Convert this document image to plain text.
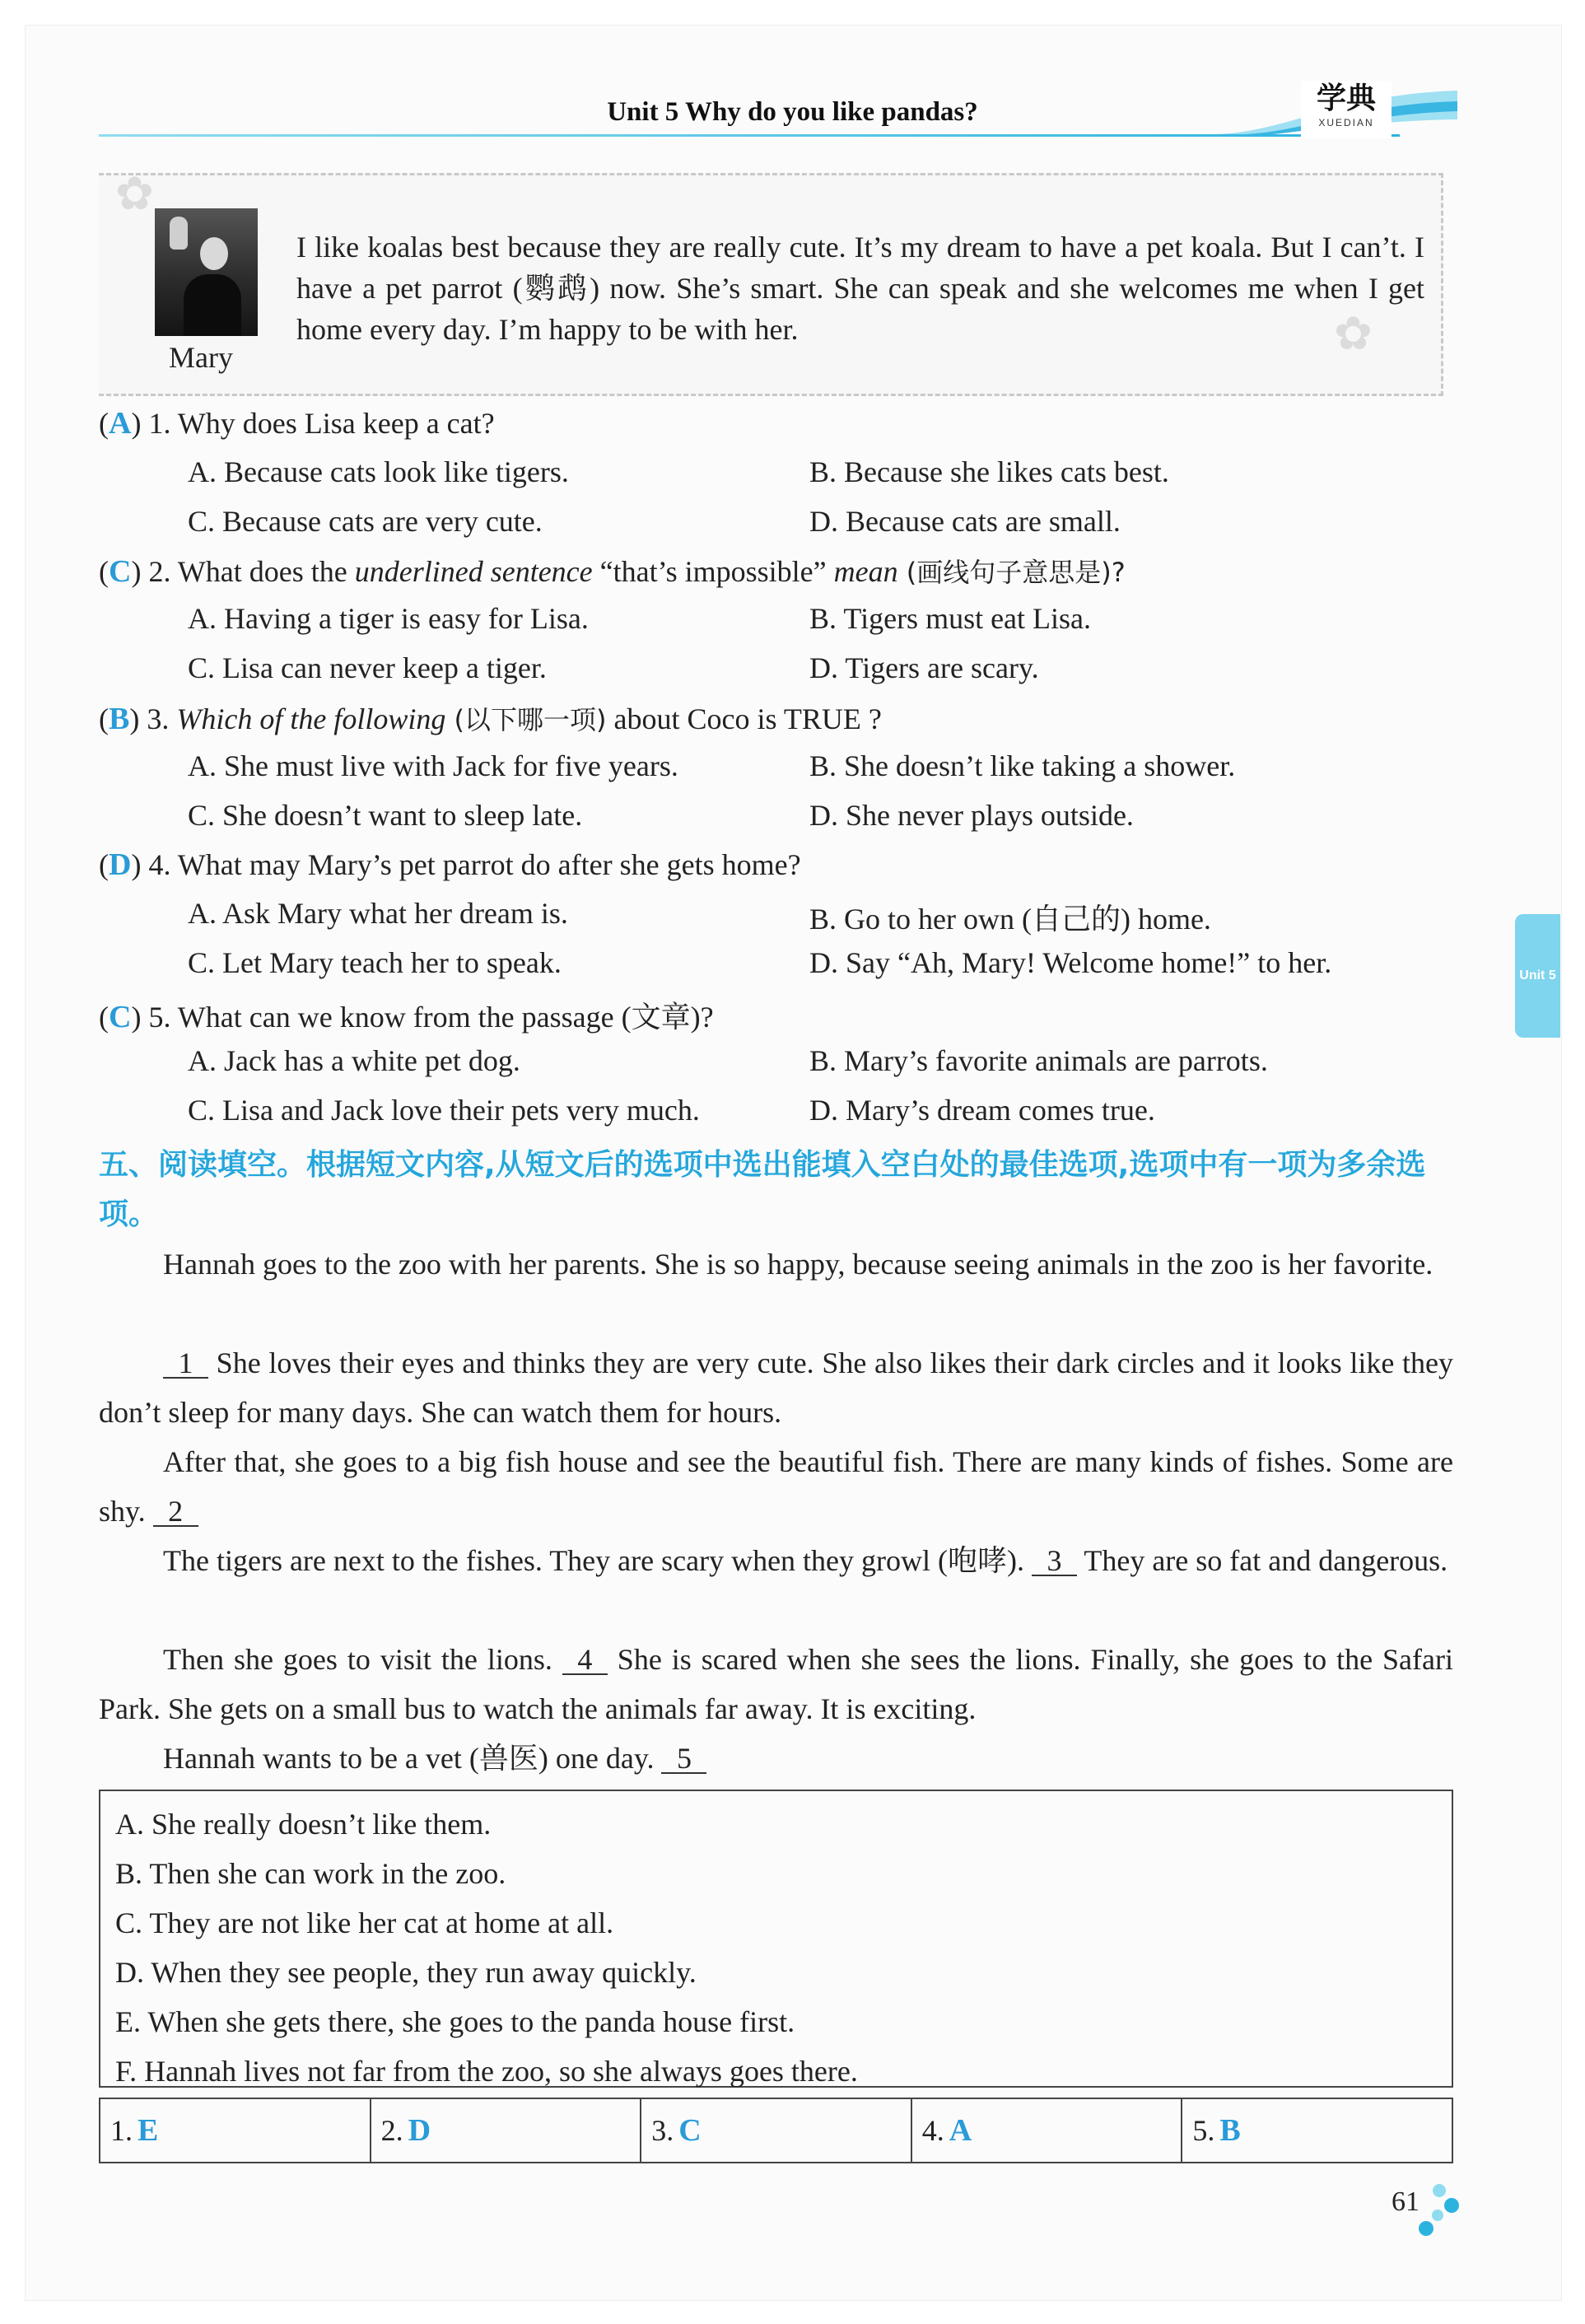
Unit 5 Why do you like pandas?	学典
XUEDIAN
Unit 5
Mary
I like koalas best because they are really cute. It’s my dream to have a pet koala. But I can’t. I have a pet parrot (鹦鹉) now. She’s smart. She can speak and she welcomes me when I get home every day. I’m happy to be with her.
✿
✿
(A) 1. Why does Lisa keep a cat?
A. Because cats look like tigers.	B. Because she likes cats best.
C. Because cats are very cute.	D. Because cats are small.
(C) 2. What does the underlined sentence “that’s impossible” mean (画线句子意思是)?
A. Having a tiger is easy for Lisa.	B. Tigers must eat Lisa.
C. Lisa can never keep a tiger.	D. Tigers are scary.
(B) 3. Which of the following (以下哪一项) about Coco is TRUE ?
A. She must live with Jack for five years.	B. She doesn’t like taking a shower.
C. She doesn’t want to sleep late.	D. She never plays outside.
(D) 4. What may Mary’s pet parrot do after she gets home?
A. Ask Mary what her dream is.	B. Go to her own (自己的) home.
C. Let Mary teach her to speak.	D. Say “Ah, Mary! Welcome home!” to her.
(C) 5. What can we know from the passage (文章)?
A. Jack has a white pet dog.	B. Mary’s favorite animals are parrots.
C. Lisa and Jack love their pets very much.	D. Mary’s dream comes true.
五、阅读填空。根据短文内容,从短文后的选项中选出能填入空白处的最佳选项,选项中有一项为多余选项。
Hannah goes to the zoo with her parents. She is so happy, because seeing animals in the zoo is her favorite.
1 She loves their eyes and thinks they are very cute. She also likes their dark circles and it looks like they don’t sleep for many days. She can watch them for hours.
After that, she goes to a big fish house and see the beautiful fish. There are many kinds of fishes. Some are shy. 2
The tigers are next to the fishes. They are scary when they growl (咆哮). 3 They are so fat and dangerous.
Then she goes to visit the lions. 4 She is scared when she sees the lions. Finally, she goes to the Safari Park. She gets on a small bus to watch the animals far away. It is exciting.
Hannah wants to be a vet (兽医) one day. 5
A. She really doesn’t like them.
B. Then she can work in the zoo.
C. They are not like her cat at home at all.
D. When they see people, they run away quickly.
E. When she gets there, she goes to the panda house first.
F. Hannah lives not far from the zoo, so she always goes there.
1. E	2. D	3. C	4. A	5. B
61
